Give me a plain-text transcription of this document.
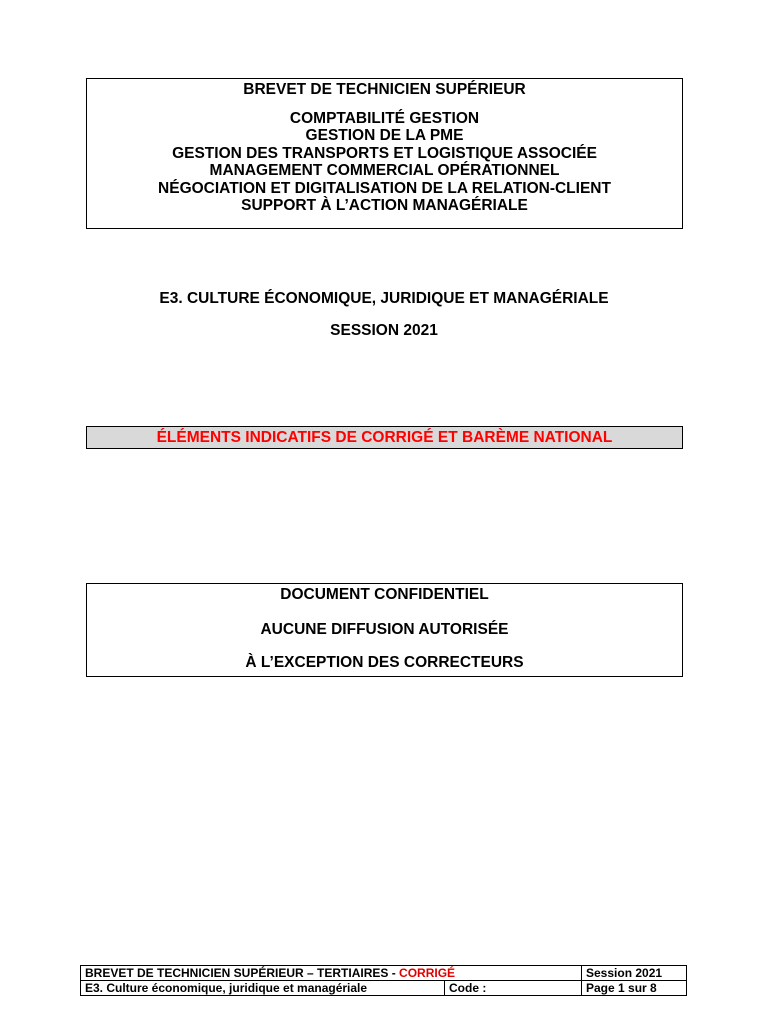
BREVET DE TECHNICIEN SUPÉRIEUR
COMPTABILITÉ GESTION
GESTION DE LA PME
GESTION DES TRANSPORTS ET LOGISTIQUE ASSOCIÉE
MANAGEMENT COMMERCIAL OPÉRATIONNEL
NÉGOCIATION ET DIGITALISATION DE LA RELATION-CLIENT
SUPPORT À L’ACTION MANAGÉRIALE
E3. CULTURE ÉCONOMIQUE, JURIDIQUE ET MANAGÉRIALE
SESSION 2021
ÉLÉMENTS INDICATIFS DE CORRIGÉ ET BARÈME NATIONAL
DOCUMENT CONFIDENTIEL
AUCUNE DIFFUSION AUTORISÉE
À L’EXCEPTION DES CORRECTEURS
BREVET DE TECHNICIEN SUPÉRIEUR – TERTIAIRES - CORRIGÉ		Session 2021
E3. Culture économique, juridique et managériale	Code :	Page 1 sur 8
